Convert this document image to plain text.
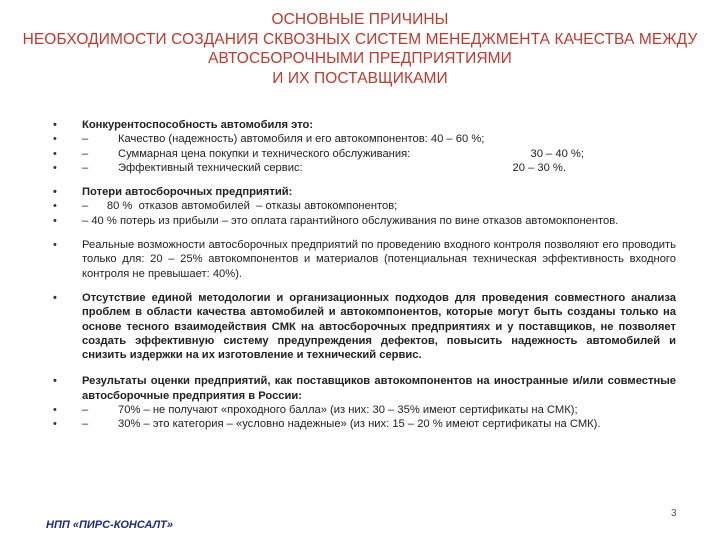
ОСНОВНЫЕ ПРИЧИНЫ
НЕОБХОДИМОСТИ СОЗДАНИЯ СКВОЗНЫХ СИСТЕМ МЕНЕДЖМЕНТА КАЧЕСТВА МЕЖДУ
АВТОСБОРОЧНЫМИ ПРЕДПРИЯТИЯМИ
И ИХ ПОСТАВЩИКАМИ
• Конкурентоспособность автомобиля это:
• –	Качество (надежность) автомобиля и его автокомпонентов: 40 – 60 %;
• –	Суммарная цена покупки и технического обслуживания:	30 – 40 %;
• –	Эффективный технический сервис:	20 – 30 %.
• Потери автосборочных предприятий:
• –      80 %  отказов автомобилей  – отказы автокомпонентов;
• – 40 % потерь из прибыли – это оплата гарантийного обслуживания по вине отказов автомокпонентов.
• Реальные возможности автосборочных предприятий по проведению входного контроля позволяют его проводить только для: 20 – 25% автокомпонентов и материалов (потенциальная техническая эффективность входного контроля не превышает: 40%).
• Отсутствие единой методологии и организационных подходов для проведения совместного анализа проблем в области качества автомобилей и автокомпонентов, которые могут быть созданы только на основе тесного взаимодействия СМК на автосборочных предприятиях и у поставщиков, не позволяет создать эффективную систему предупреждения дефектов, повысить надежность автомобилей и снизить издержки на их изготовление и технический сервис.
• Результаты оценки предприятий, как поставщиков автокомпонентов на иностранные и/или совместные автосборочные предприятия в России:
• –	70% – не получают «проходного балла» (из них: 30 – 35% имеют сертификаты на СМК);
• –	30% – это категория – «условно надежные» (из них: 15 – 20 % имеют сертификаты на СМК).
3
НПП «ПИРС-КОНСАЛТ»
